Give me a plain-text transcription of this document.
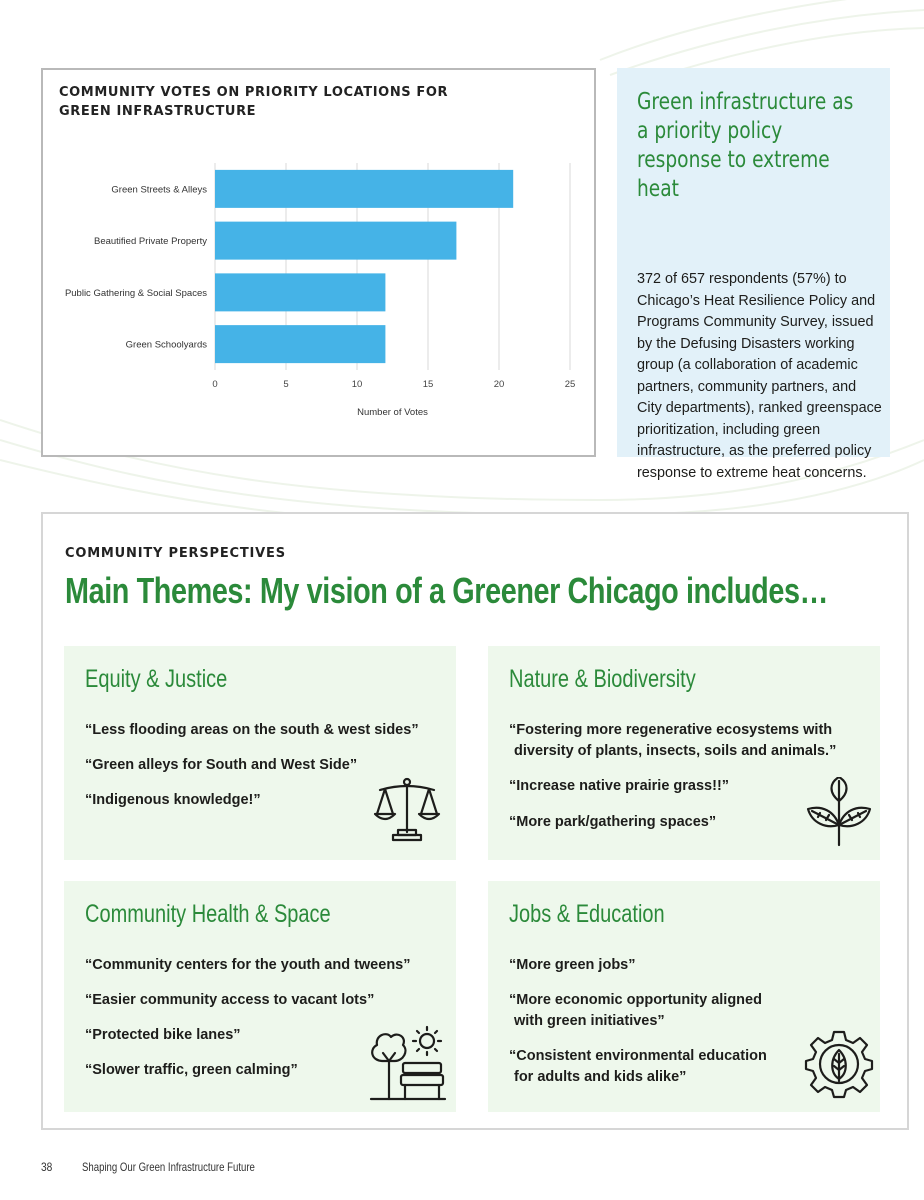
COMMUNITY VOTES ON PRIORITY LOCATIONS FOR GREEN INFRASTRUCTURE
0	5	10	15	20	25
Green Streets & Alleys
Beautified Private Property
Public Gathering & Social Spaces
Green Schoolyards
Number of Votes
Green infrastructure as a priority policy response to extreme heat
372 of 657 respondents (57%) to Chicago’s Heat Resilience Policy and Programs Community Survey, issued by the Defusing Disasters working group (a collaboration of academic partners, community partners, and City departments), ranked greenspace prioritization, including green infrastructure, as the preferred policy response to extreme heat concerns.
COMMUNITY PERSPECTIVES
Main Themes: My vision of a Greener Chicago includes…
Equity & Justice
“Less flooding areas on the south & west sides”
“Green alleys for South and West Side”
“Indigenous knowledge!”
Nature & Biodiversity
“Fostering more regenerative ecosystems with
diversity of plants, insects, soils and animals.”
“Increase native prairie grass!!”
“More park/gathering spaces”
Community Health & Space
“Community centers for the youth and tweens”
“Easier community access to vacant lots”
“Protected bike lanes”
“Slower traffic, green calming”
Jobs & Education
“More green jobs”
“More economic opportunity aligned
with green initiatives”
“Consistent environmental education
for adults and kids alike”
38 Shaping Our Green Infrastructure Future
